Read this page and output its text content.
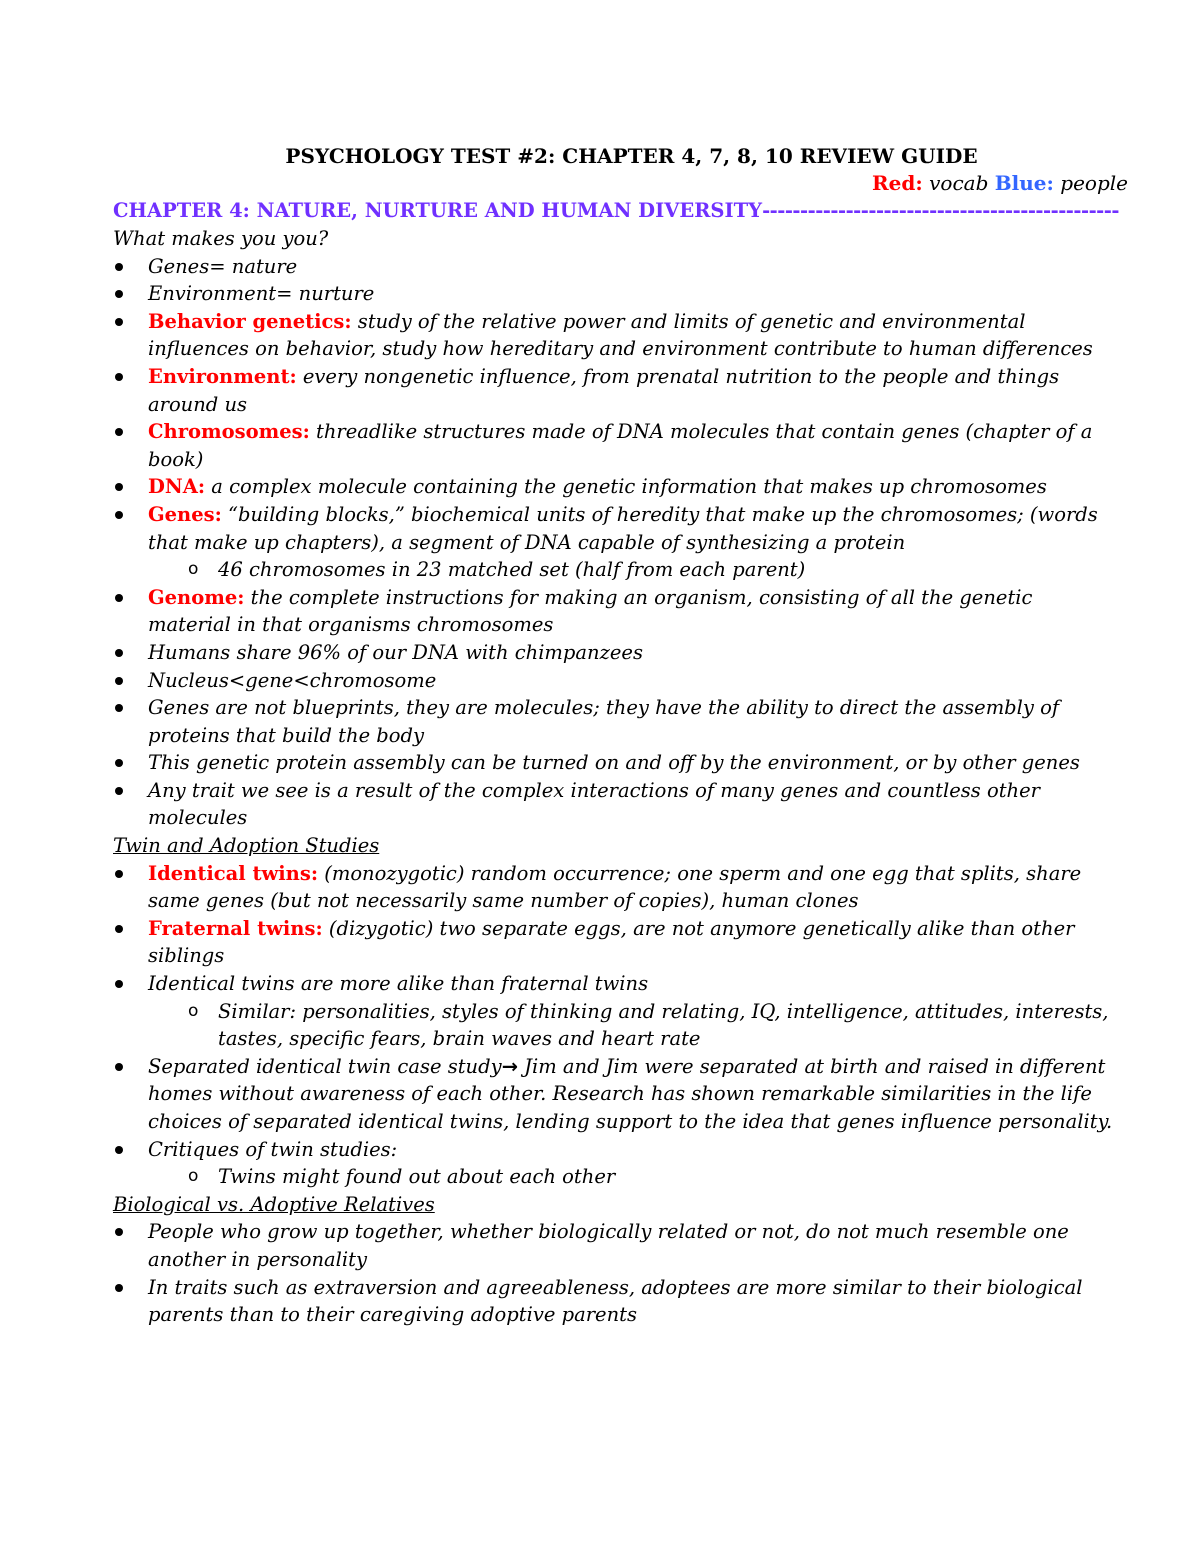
PSYCHOLOGY TEST #2: CHAPTER 4, 7, 8, 10 REVIEW GUIDE
Red: vocab Blue: people
CHAPTER 4: NATURE, NURTURE AND HUMAN DIVERSITY-----------------------------------------------
What makes you you?
Genes= nature
Environment= nurture
Behavior genetics: study of the relative power and limits of genetic and environmental influences on behavior, study how hereditary and environment contribute to human differences
Environment: every nongenetic influence, from prenatal nutrition to the people and things around us
Chromosomes: threadlike structures made of DNA molecules that contain genes (chapter of a book)
DNA: a complex molecule containing the genetic information that makes up chromosomes
Genes: “building blocks,” biochemical units of heredity that make up the chromosomes; (words that make up chapters), a segment of DNA capable of synthesizing a protein
o 46 chromosomes in 23 matched set (half from each parent)
Genome: the complete instructions for making an organism, consisting of all the genetic material in that organisms chromosomes
Humans share 96% of our DNA with chimpanzees
Nucleus<gene<chromosome
Genes are not blueprints, they are molecules; they have the ability to direct the assembly of proteins that build the body
This genetic protein assembly can be turned on and off by the environment, or by other genes
Any trait we see is a result of the complex interactions of many genes and countless other molecules
Twin and Adoption Studies
Identical twins: (monozygotic) random occurrence; one sperm and one egg that splits, share same genes (but not necessarily same number of copies), human clones
Fraternal twins: (dizygotic) two separate eggs, are not anymore genetically alike than other siblings
Identical twins are more alike than fraternal twins
o Similar: personalities, styles of thinking and relating, IQ, intelligence, attitudes, interests, tastes, specific fears, brain waves and heart rate
Separated identical twin case study→ Jim and Jim were separated at birth and raised in different homes without awareness of each other. Research has shown remarkable similarities in the life choices of separated identical twins, lending support to the idea that genes influence personality.
Critiques of twin studies:
o Twins might found out about each other
Biological vs. Adoptive Relatives
People who grow up together, whether biologically related or not, do not much resemble one another in personality
In traits such as extraversion and agreeableness, adoptees are more similar to their biological parents than to their caregiving adoptive parents
